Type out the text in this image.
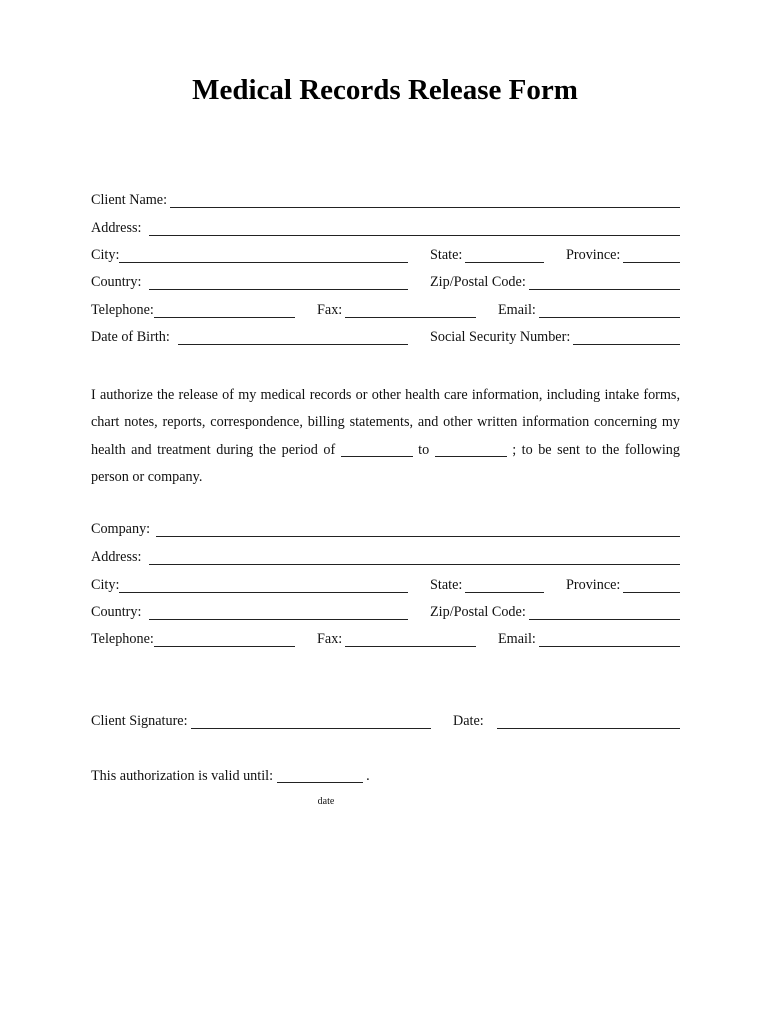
Medical Records Release Form
Client Name:
Address:
City:	State:	Province:
Country:	Zip/Postal Code:
Telephone:	Fax:	Email:
Date of Birth:	Social Security Number:
I authorize the release of my medical records or other health care information, including intake forms, chart notes, reports, correspondence, billing statements, and other written information concerning my health and treatment during the period of	to	; to be sent to the following person or company.
Company:
Address:
City:	State:	Province:
Country:	Zip/Postal Code:
Telephone:	Fax:	Email:
Client Signature:	Date:
This authorization is valid until:	.
date
